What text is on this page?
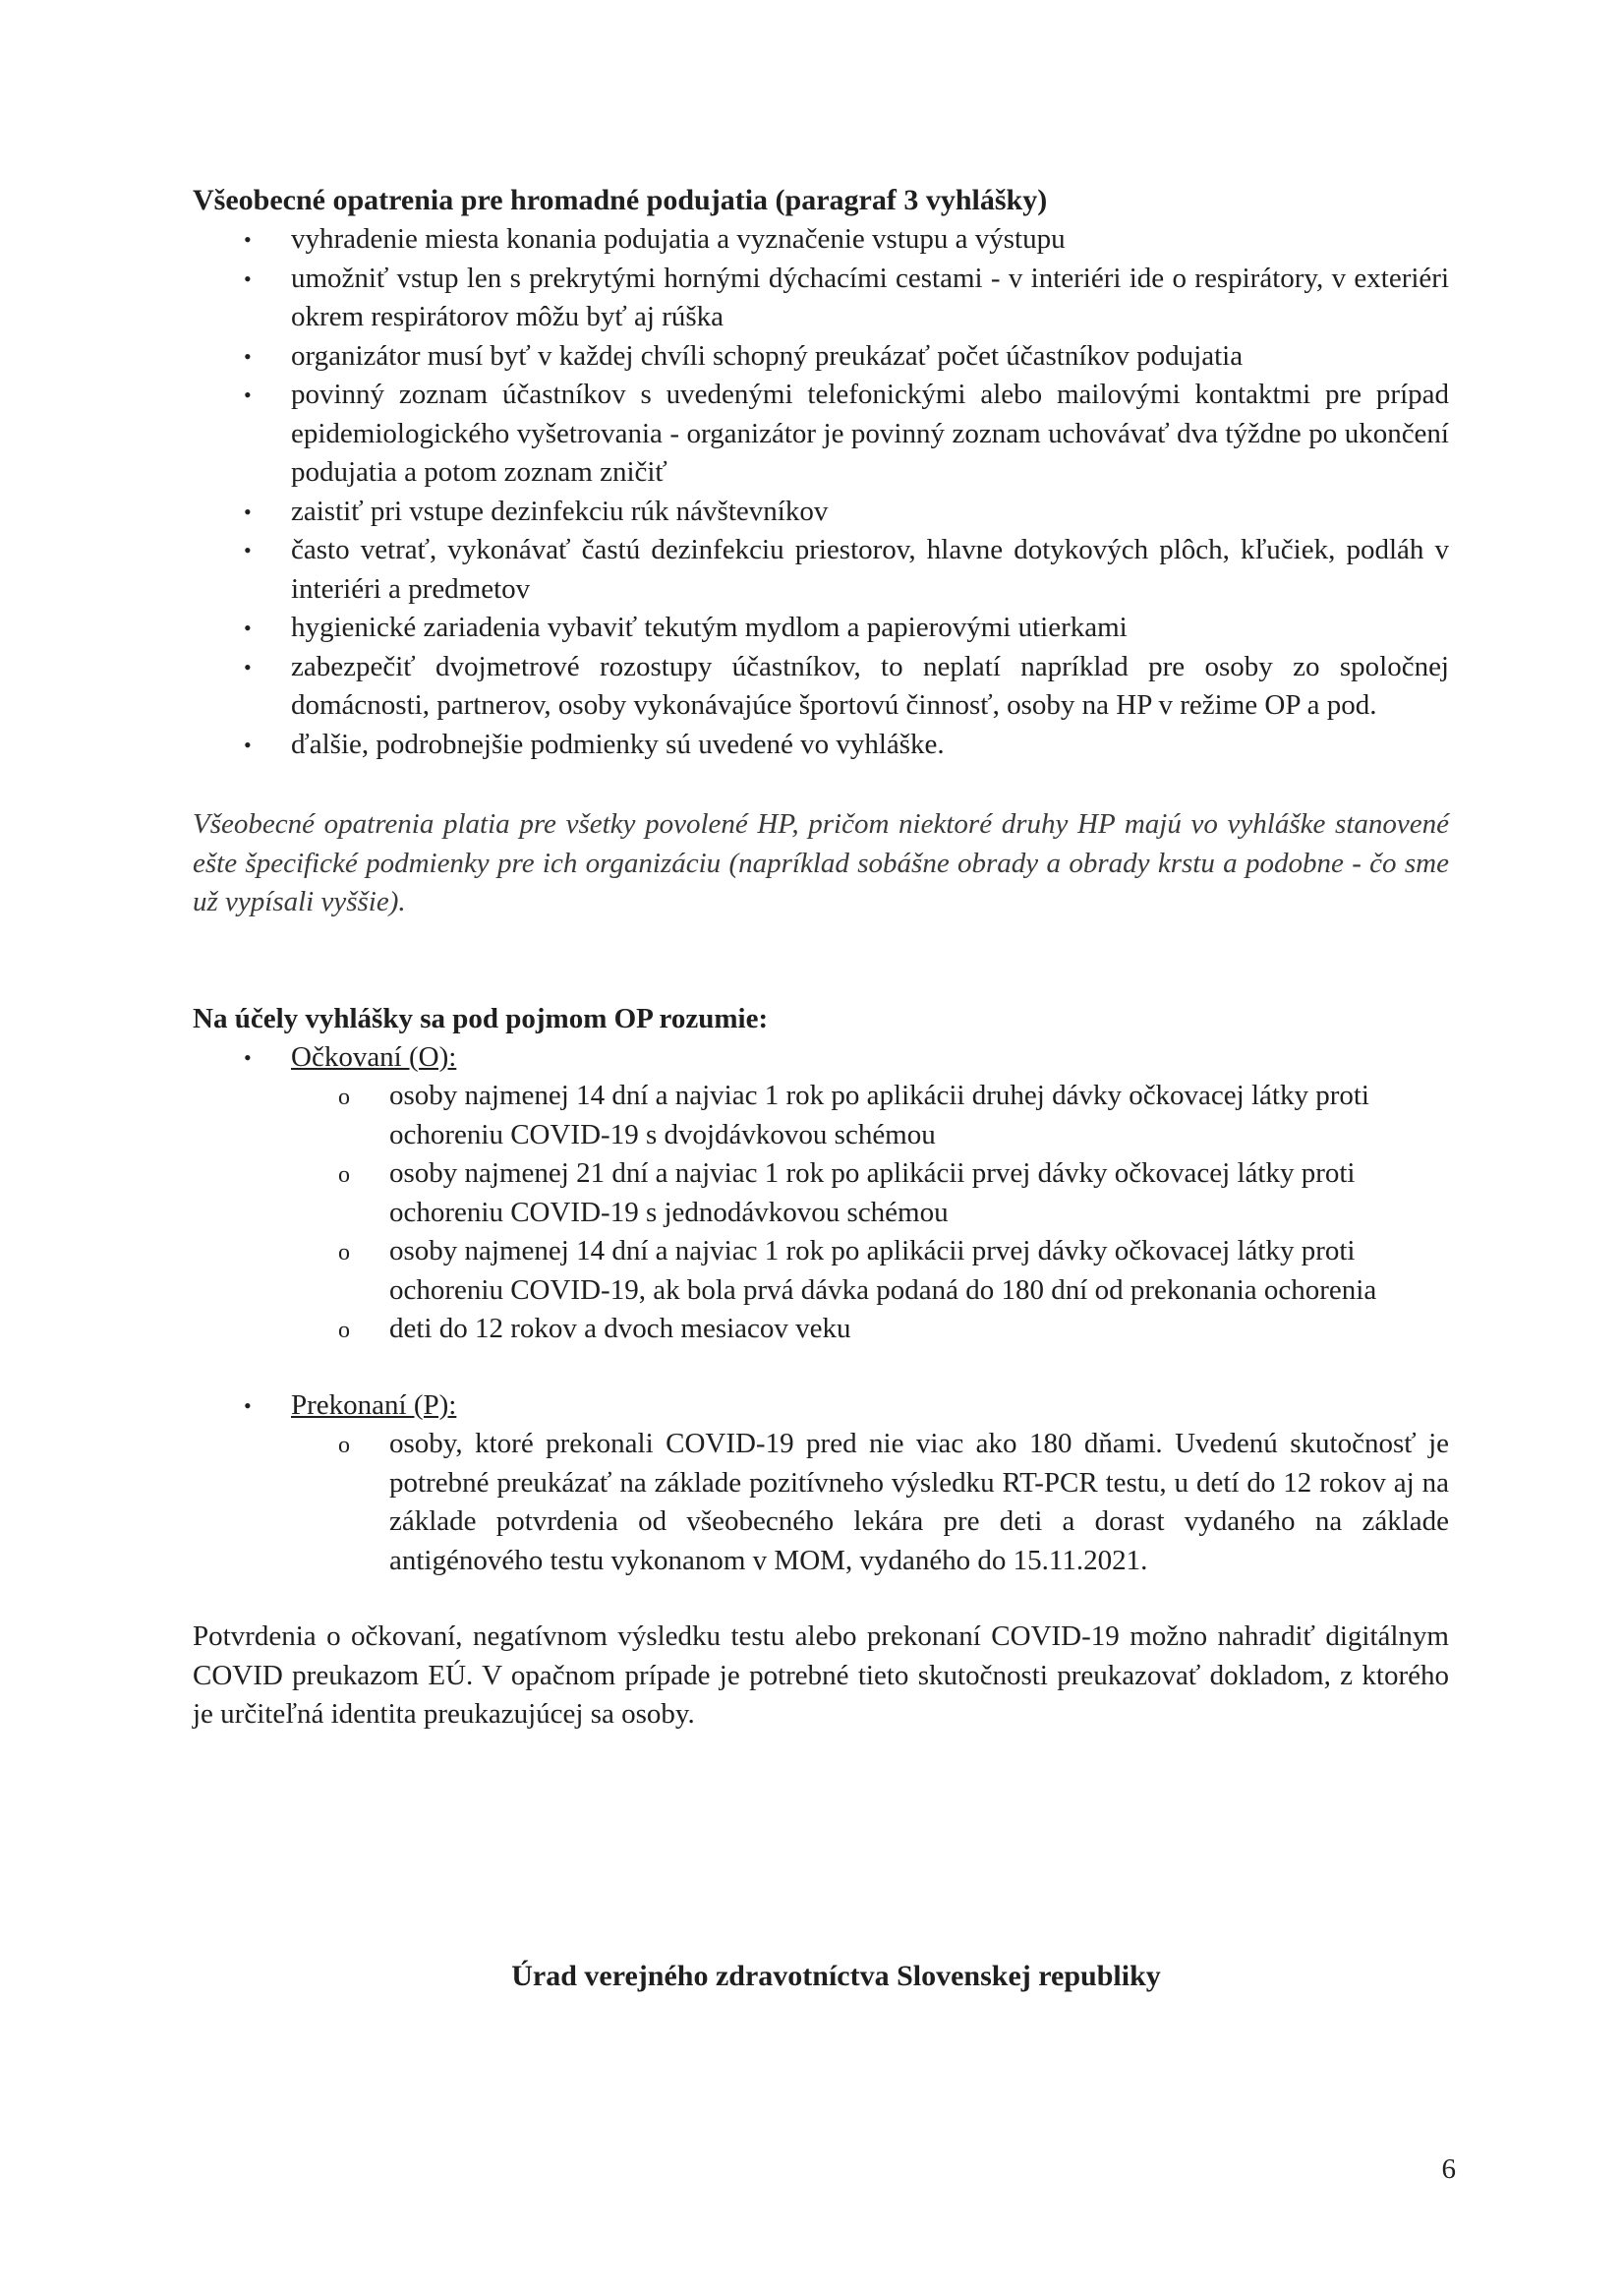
Všeobecné opatrenia pre hromadné podujatia (paragraf 3 vyhlášky)
• vyhradenie miesta konania podujatia a vyznačenie vstupu a výstupu
• umožniť vstup len s prekrytými hornými dýchacími cestami - v interiéri ide o respirátory, v exteriéri okrem respirátorov môžu byť aj rúška
• organizátor musí byť v každej chvíli schopný preukázať počet účastníkov podujatia
• povinný zoznam účastníkov s uvedenými telefonickými alebo mailovými kontaktmi pre prípad epidemiologického vyšetrovania - organizátor je povinný zoznam uchovávať dva týždne po ukončení podujatia a potom zoznam zničiť
• zaistiť pri vstupe dezinfekciu rúk návštevníkov
• často vetrať, vykonávať častú dezinfekciu priestorov, hlavne dotykových plôch, kľučiek, podláh v interiéri a predmetov
• hygienické zariadenia vybaviť tekutým mydlom a papierovými utierkami
• zabezpečiť dvojmetrové rozostupy účastníkov, to neplatí napríklad pre osoby zo spoločnej domácnosti, partnerov, osoby vykonávajúce športovú činnosť, osoby na HP v režime OP a pod.
• ďalšie, podrobnejšie podmienky sú uvedené vo vyhláške.

Všeobecné opatrenia platia pre všetky povolené HP, pričom niektoré druhy HP majú vo vyhláške stanovené ešte špecifické podmienky pre ich organizáciu (napríklad sobášne obrady a obrady krstu a podobne - čo sme už vypísali vyššie).

Na účely vyhlášky sa pod pojmom OP rozumie:
• Očkovaní (O):
o osoby najmenej 14 dní a najviac 1 rok po aplikácii druhej dávky očkovacej látky proti ochoreniu COVID-19 s dvojdávkovou schémou
o osoby najmenej 21 dní a najviac 1 rok po aplikácii prvej dávky očkovacej látky proti ochoreniu COVID-19 s jednodávkovou schémou
o osoby najmenej 14 dní a najviac 1 rok po aplikácii prvej dávky očkovacej látky proti ochoreniu COVID-19, ak bola prvá dávka podaná do 180 dní od prekonania ochorenia
o deti do 12 rokov a dvoch mesiacov veku
• Prekonaní (P):
o osoby, ktoré prekonali COVID-19 pred nie viac ako 180 dňami. Uvedenú skutočnosť je potrebné preukázať na základe pozitívneho výsledku RT-PCR testu, u detí do 12 rokov aj na základe potvrdenia od všeobecného lekára pre deti a dorast vydaného na základe antigénového testu vykonanom v MOM, vydaného do 15.11.2021.

Potvrdenia o očkovaní, negatívnom výsledku testu alebo prekonaní COVID-19 možno nahradiť digitálnym COVID preukazom EÚ. V opačnom prípade je potrebné tieto skutočnosti preukazovať dokladom, z ktorého je určiteľná identita preukazujúcej sa osoby.

Úrad verejného zdravotníctva Slovenskej republiky
6
